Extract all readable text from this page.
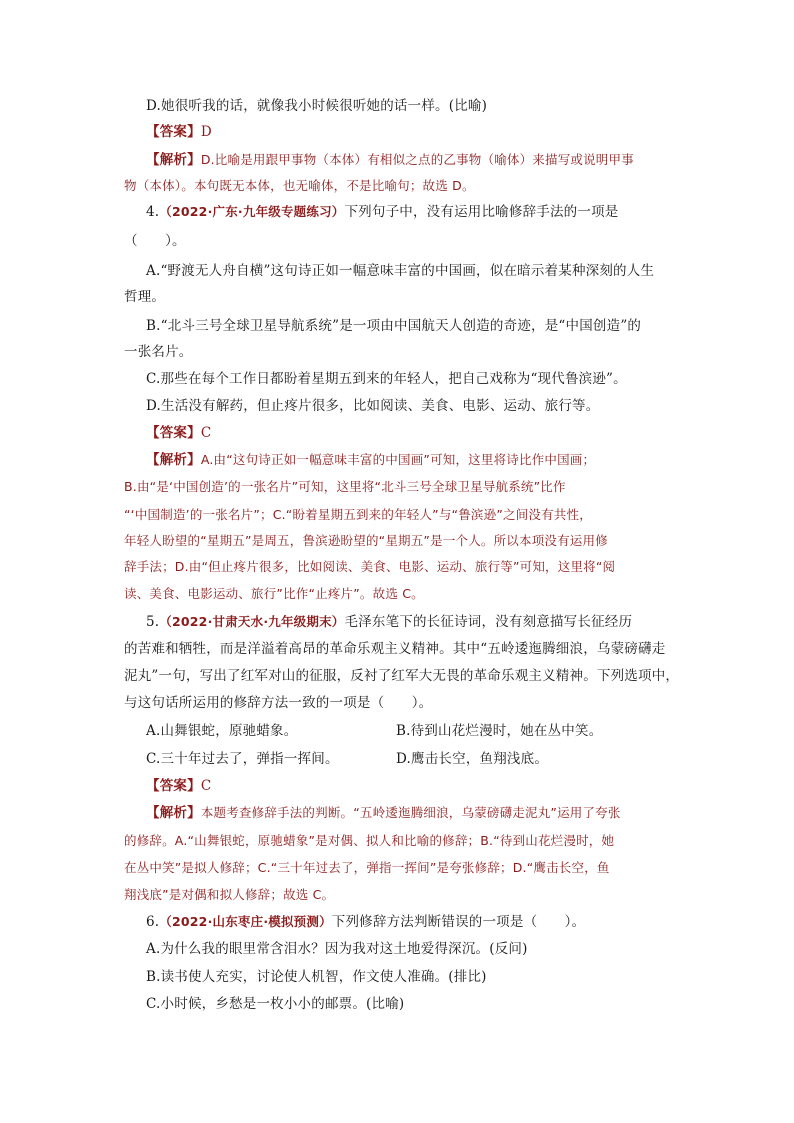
D.她很听我的话，就像我小时候很听她的话一样。(比喻)
【答案】D
【解析】D.比喻是用跟甲事物（本体）有相似之点的乙事物（喻体）来描写或说明甲事
物（本体）。本句既无本体，也无喻体，不是比喻句；故选 D。
4.（2022·广东·九年级专题练习）下列句子中，没有运用比喻修辞手法的一项是
（　　）。
A.“野渡无人舟自横”这句诗正如一幅意味丰富的中国画，似在暗示着某种深刻的人生
哲理。
B.“北斗三号全球卫星导航系统”是一项由中国航天人创造的奇迹，是“中国创造”的
一张名片。
C.那些在每个工作日都盼着星期五到来的年轻人，把自己戏称为“现代鲁滨逊”。
D.生活没有解药，但止疼片很多，比如阅读、美食、电影、运动、旅行等。
【答案】C
【解析】A.由“这句诗正如一幅意味丰富的中国画”可知，这里将诗比作中国画；
B.由“是‘中国创造’的一张名片”可知，这里将“北斗三号全球卫星导航系统”比作
“‘中国制造’的一张名片”；C.“盼着星期五到来的年轻人”与“鲁滨逊”之间没有共性，
年轻人盼望的“星期五”是周五，鲁滨逊盼望的“星期五”是一个人。所以本项没有运用修
辞手法；D.由“但止疼片很多，比如阅读、美食、电影、运动、旅行等”可知，这里将“阅
读、美食、电影运动、旅行”比作“止疼片”。故选 C。
5.（2022·甘肃天水·九年级期末）毛泽东笔下的长征诗词，没有刻意描写长征经历
的苦难和牺牲，而是洋溢着高昂的革命乐观主义精神。其中“五岭逶迤腾细浪，乌蒙磅礴走
泥丸”一句，写出了红军对山的征服，反衬了红军大无畏的革命乐观主义精神。下列选项中，
与这句话所运用的修辞方法一致的一项是（　　）。
A.山舞银蛇，原驰蜡象。	B.待到山花烂漫时，她在丛中笑。
C.三十年过去了，弹指一挥间。	D.鹰击长空，鱼翔浅底。
【答案】C
【解析】本题考查修辞手法的判断。“五岭逶迤腾细浪，乌蒙磅礴走泥丸”运用了夸张
的修辞。A.“山舞银蛇，原驰蜡象”是对偶、拟人和比喻的修辞；B.“待到山花烂漫时，她
在丛中笑”是拟人修辞；C.“三十年过去了，弹指一挥间”是夸张修辞；D.“鹰击长空，鱼
翔浅底”是对偶和拟人修辞；故选 C。
6.（2022·山东枣庄·模拟预测）下列修辞方法判断错误的一项是（　　）。
A.为什么我的眼里常含泪水？因为我对这土地爱得深沉。(反问)
B.读书使人充实，讨论使人机智，作文使人准确。(排比)
C.小时候，乡愁是一枚小小的邮票。(比喻)
